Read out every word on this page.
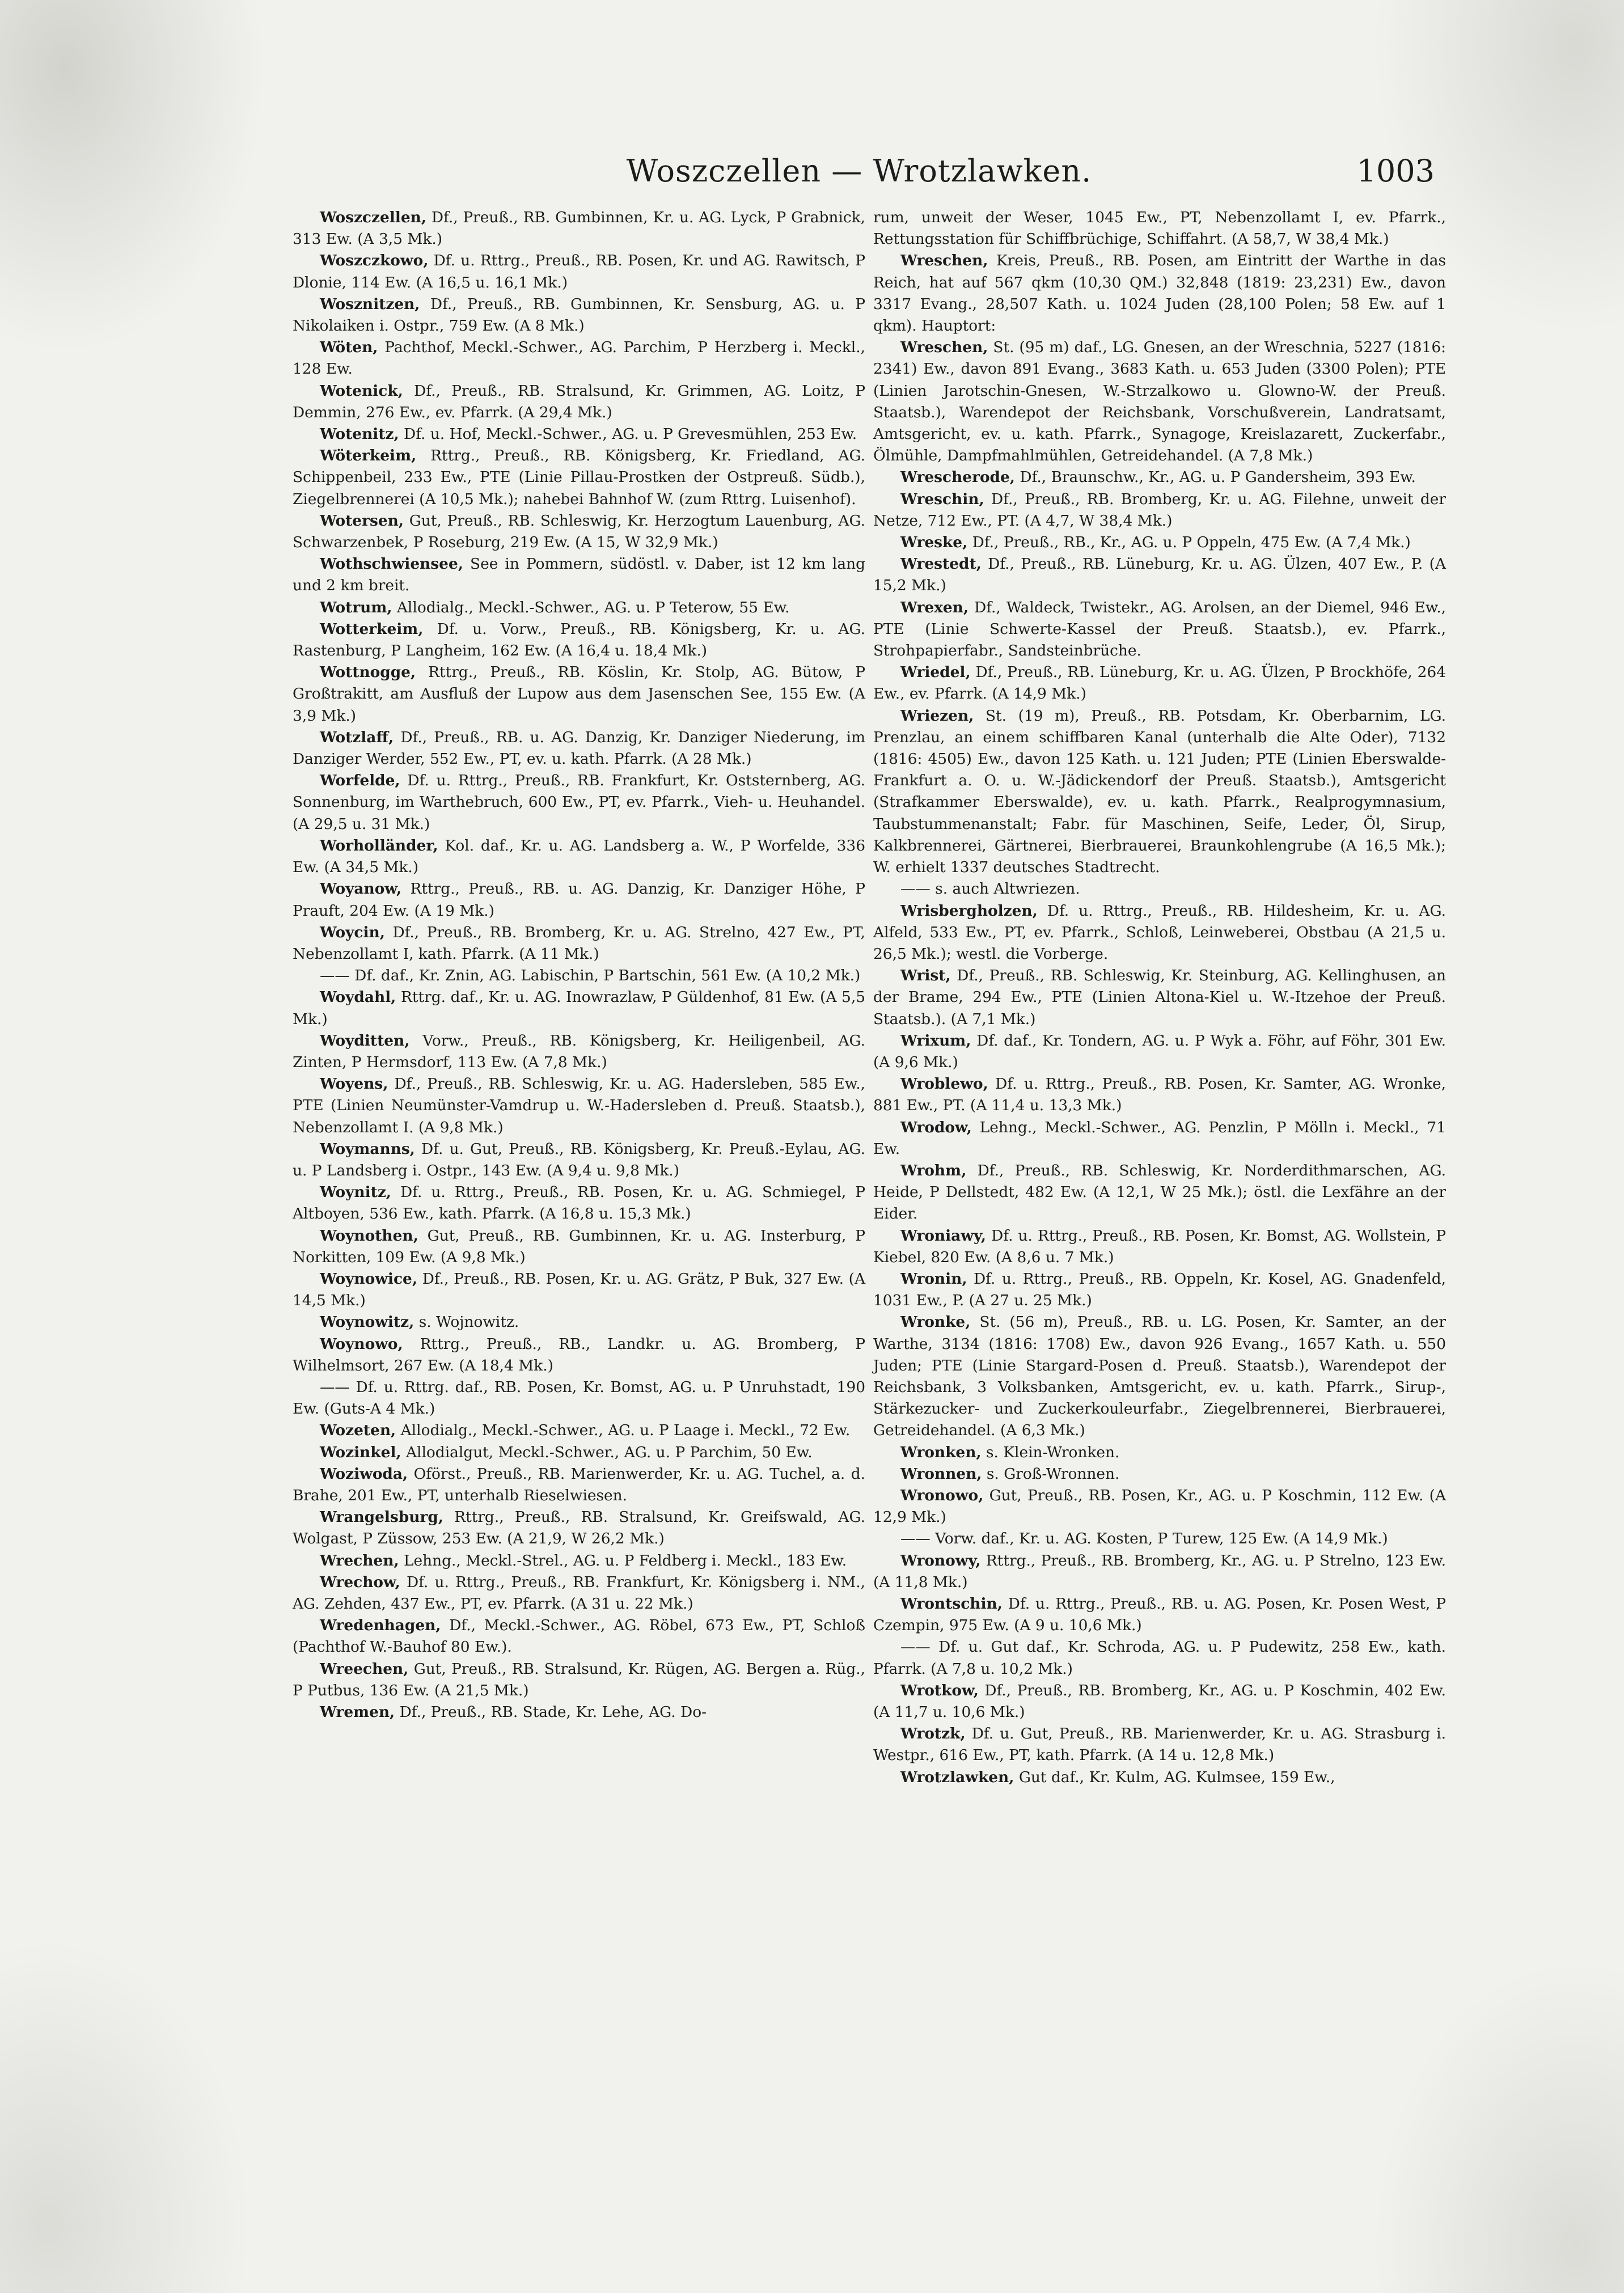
Woszczellen — Wrotzlawken.	1003

Woszczellen, Df., Preuß., RB. Gumbinnen, Kr. u. AG. Lyck, P Grabnick, 313 Ew. (A 3,5 Mk.)

Woszczkowo, Df. u. Rttrg., Preuß., RB. Posen, Kr. und AG. Rawitsch, P Dlonie, 114 Ew. (A 16,5 u. 16,1 Mk.)

Wosznitzen, Df., Preuß., RB. Gumbinnen, Kr. Sensburg, AG. u. P Nikolaiken i. Ostpr., 759 Ew. (A 8 Mk.)

Wöten, Pachthof, Meckl.-Schwer., AG. Parchim, P Herzberg i. Meckl., 128 Ew.

Wotenick, Df., Preuß., RB. Stralsund, Kr. Grimmen, AG. Loitz, P Demmin, 276 Ew., ev. Pfarrk. (A 29,4 Mk.)

Wotenitz, Df. u. Hof, Meckl.-Schwer., AG. u. P Grevesmühlen, 253 Ew.

Wöterkeim, Rttrg., Preuß., RB. Königsberg, Kr. Friedland, AG. Schippenbeil, 233 Ew., PTE (Linie Pillau-Prostken der Ostpreuß. Südb.), Ziegelbrennerei (A 10,5 Mk.); nahebei Bahnhof W. (zum Rttrg. Luisenhof).

Wotersen, Gut, Preuß., RB. Schleswig, Kr. Herzogtum Lauenburg, AG. Schwarzenbek, P Roseburg, 219 Ew. (A 15, W 32,9 Mk.)

Wothschwiensee, See in Pommern, südöstl. v. Daber, ist 12 km lang und 2 km breit.

Wotrum, Allodialg., Meckl.-Schwer., AG. u. P Teterow, 55 Ew.

Wotterkeim, Df. u. Vorw., Preuß., RB. Königsberg, Kr. u. AG. Rastenburg, P Langheim, 162 Ew. (A 16,4 u. 18,4 Mk.)

Wottnogge, Rttrg., Preuß., RB. Köslin, Kr. Stolp, AG. Bütow, P Großtrakitt, am Ausfluß der Lupow aus dem Jasenschen See, 155 Ew. (A 3,9 Mk.)

Wotzlaff, Df., Preuß., RB. u. AG. Danzig, Kr. Danziger Niederung, im Danziger Werder, 552 Ew., PT, ev. u. kath. Pfarrk. (A 28 Mk.)

Worfelde, Df. u. Rttrg., Preuß., RB. Frankfurt, Kr. Oststernberg, AG. Sonnenburg, im Warthebruch, 600 Ew., PT, ev. Pfarrk., Vieh- u. Heuhandel. (A 29,5 u. 31 Mk.)

Worholländer, Kol. daf., Kr. u. AG. Landsberg a. W., P Worfelde, 336 Ew. (A 34,5 Mk.)

Woyanow, Rttrg., Preuß., RB. u. AG. Danzig, Kr. Danziger Höhe, P Prauft, 204 Ew. (A 19 Mk.)

Woycin, Df., Preuß., RB. Bromberg, Kr. u. AG. Strelno, 427 Ew., PT, Nebenzollamt I, kath. Pfarrk. (A 11 Mk.)

—— Df. daf., Kr. Znin, AG. Labischin, P Bartschin, 561 Ew. (A 10,2 Mk.)

Woydahl, Rttrg. daf., Kr. u. AG. Inowrazlaw, P Güldenhof, 81 Ew. (A 5,5 Mk.)

Woyditten, Vorw., Preuß., RB. Königsberg, Kr. Heiligenbeil, AG. Zinten, P Hermsdorf, 113 Ew. (A 7,8 Mk.)

Woyens, Df., Preuß., RB. Schleswig, Kr. u. AG. Hadersleben, 585 Ew., PTE (Linien Neumünster-Vamdrup u. W.-Hadersleben d. Preuß. Staatsb.), Nebenzollamt I. (A 9,8 Mk.)

Woymanns, Df. u. Gut, Preuß., RB. Königsberg, Kr. Preuß.-Eylau, AG. u. P Landsberg i. Ostpr., 143 Ew. (A 9,4 u. 9,8 Mk.)

Woynitz, Df. u. Rttrg., Preuß., RB. Posen, Kr. u. AG. Schmiegel, P Altboyen, 536 Ew., kath. Pfarrk. (A 16,8 u. 15,3 Mk.)

Woynothen, Gut, Preuß., RB. Gumbinnen, Kr. u. AG. Insterburg, P Norkitten, 109 Ew. (A 9,8 Mk.)

Woynowice, Df., Preuß., RB. Posen, Kr. u. AG. Grätz, P Buk, 327 Ew. (A 14,5 Mk.)

Woynowitz, s. Wojnowitz.

Woynowo, Rttrg., Preuß., RB., Landkr. u. AG. Bromberg, P Wilhelmsort, 267 Ew. (A 18,4 Mk.)

—— Df. u. Rttrg. daf., RB. Posen, Kr. Bomst, AG. u. P Unruhstadt, 190 Ew. (Guts-A 4 Mk.)

Wozeten, Allodialg., Meckl.-Schwer., AG. u. P Laage i. Meckl., 72 Ew.

Wozinkel, Allodialgut, Meckl.-Schwer., AG. u. P Parchim, 50 Ew.

Woziwoda, Oförst., Preuß., RB. Marienwerder, Kr. u. AG. Tuchel, a. d. Brahe, 201 Ew., PT, unterhalb Rieselwiesen.

Wrangelsburg, Rttrg., Preuß., RB. Stralsund, Kr. Greifswald, AG. Wolgast, P Züssow, 253 Ew. (A 21,9, W 26,2 Mk.)

Wrechen, Lehng., Meckl.-Strel., AG. u. P Feldberg i. Meckl., 183 Ew.

Wrechow, Df. u. Rttrg., Preuß., RB. Frankfurt, Kr. Königsberg i. NM., AG. Zehden, 437 Ew., PT, ev. Pfarrk. (A 31 u. 22 Mk.)

Wredenhagen, Df., Meckl.-Schwer., AG. Röbel, 673 Ew., PT, Schloß (Pachthof W.-Bauhof 80 Ew.).

Wreechen, Gut, Preuß., RB. Stralsund, Kr. Rügen, AG. Bergen a. Rüg., P Putbus, 136 Ew. (A 21,5 Mk.)

Wremen, Df., Preuß., RB. Stade, Kr. Lehe, AG. Do-

rum, unweit der Weser, 1045 Ew., PT, Nebenzollamt I, ev. Pfarrk., Rettungsstation für Schiffbrüchige, Schiffahrt. (A 58,7, W 38,4 Mk.)

Wreschen, Kreis, Preuß., RB. Posen, am Eintritt der Warthe in das Reich, hat auf 567 qkm (10,30 QM.) 32,848 (1819: 23,231) Ew., davon 3317 Evang., 28,507 Kath. u. 1024 Juden (28,100 Polen; 58 Ew. auf 1 qkm). Hauptort:

Wreschen, St. (95 m) daf., LG. Gnesen, an der Wreschnia, 5227 (1816: 2341) Ew., davon 891 Evang., 3683 Kath. u. 653 Juden (3300 Polen); PTE (Linien Jarotschin-Gnesen, W.-Strzalkowo u. Glowno-W. der Preuß. Staatsb.), Warendepot der Reichsbank, Vorschußverein, Landratsamt, Amtsgericht, ev. u. kath. Pfarrk., Synagoge, Kreislazarett, Zuckerfabr., Ölmühle, Dampfmahlmühlen, Getreidehandel. (A 7,8 Mk.)

Wrescherode, Df., Braunschw., Kr., AG. u. P Gandersheim, 393 Ew.

Wreschin, Df., Preuß., RB. Bromberg, Kr. u. AG. Filehne, unweit der Netze, 712 Ew., PT. (A 4,7, W 38,4 Mk.)

Wreske, Df., Preuß., RB., Kr., AG. u. P Oppeln, 475 Ew. (A 7,4 Mk.)

Wrestedt, Df., Preuß., RB. Lüneburg, Kr. u. AG. Ülzen, 407 Ew., P. (A 15,2 Mk.)

Wrexen, Df., Waldeck, Twistekr., AG. Arolsen, an der Diemel, 946 Ew., PTE (Linie Schwerte-Kassel der Preuß. Staatsb.), ev. Pfarrk., Strohpapierfabr., Sandsteinbrüche.

Wriedel, Df., Preuß., RB. Lüneburg, Kr. u. AG. Ülzen, P Brockhöfe, 264 Ew., ev. Pfarrk. (A 14,9 Mk.)

Wriezen, St. (19 m), Preuß., RB. Potsdam, Kr. Oberbarnim, LG. Prenzlau, an einem schiffbaren Kanal (unterhalb die Alte Oder), 7132 (1816: 4505) Ew., davon 125 Kath. u. 121 Juden; PTE (Linien Eberswalde-Frankfurt a. O. u. W.-Jädickendorf der Preuß. Staatsb.), Amtsgericht (Strafkammer Eberswalde), ev. u. kath. Pfarrk., Realprogymnasium, Taubstummenanstalt; Fabr. für Maschinen, Seife, Leder, Öl, Sirup, Kalkbrennerei, Gärtnerei, Bierbrauerei, Braunkohlengrube (A 16,5 Mk.); W. erhielt 1337 deutsches Stadtrecht.

—— s. auch Altwriezen.

Wrisbergholzen, Df. u. Rttrg., Preuß., RB. Hildesheim, Kr. u. AG. Alfeld, 533 Ew., PT, ev. Pfarrk., Schloß, Leinweberei, Obstbau (A 21,5 u. 26,5 Mk.); westl. die Vorberge.

Wrist, Df., Preuß., RB. Schleswig, Kr. Steinburg, AG. Kellinghusen, an der Brame, 294 Ew., PTE (Linien Altona-Kiel u. W.-Itzehoe der Preuß. Staatsb.). (A 7,1 Mk.)

Wrixum, Df. daf., Kr. Tondern, AG. u. P Wyk a. Föhr, auf Föhr, 301 Ew. (A 9,6 Mk.)

Wroblewo, Df. u. Rttrg., Preuß., RB. Posen, Kr. Samter, AG. Wronke, 881 Ew., PT. (A 11,4 u. 13,3 Mk.)

Wrodow, Lehng., Meckl.-Schwer., AG. Penzlin, P Mölln i. Meckl., 71 Ew.

Wrohm, Df., Preuß., RB. Schleswig, Kr. Norderdithmarschen, AG. Heide, P Dellstedt, 482 Ew. (A 12,1, W 25 Mk.); östl. die Lexfähre an der Eider.

Wroniawy, Df. u. Rttrg., Preuß., RB. Posen, Kr. Bomst, AG. Wollstein, P Kiebel, 820 Ew. (A 8,6 u. 7 Mk.)

Wronin, Df. u. Rttrg., Preuß., RB. Oppeln, Kr. Kosel, AG. Gnadenfeld, 1031 Ew., P. (A 27 u. 25 Mk.)

Wronke, St. (56 m), Preuß., RB. u. LG. Posen, Kr. Samter, an der Warthe, 3134 (1816: 1708) Ew., davon 926 Evang., 1657 Kath. u. 550 Juden; PTE (Linie Stargard-Posen d. Preuß. Staatsb.), Warendepot der Reichsbank, 3 Volksbanken, Amtsgericht, ev. u. kath. Pfarrk., Sirup-, Stärkezucker- und Zuckerkouleurfabr., Ziegelbrennerei, Bierbrauerei, Getreidehandel. (A 6,3 Mk.)

Wronken, s. Klein-Wronken.

Wronnen, s. Groß-Wronnen.

Wronowo, Gut, Preuß., RB. Posen, Kr., AG. u. P Koschmin, 112 Ew. (A 12,9 Mk.)

—— Vorw. daf., Kr. u. AG. Kosten, P Turew, 125 Ew. (A 14,9 Mk.)

Wronowy, Rttrg., Preuß., RB. Bromberg, Kr., AG. u. P Strelno, 123 Ew. (A 11,8 Mk.)

Wrontschin, Df. u. Rttrg., Preuß., RB. u. AG. Posen, Kr. Posen West, P Czempin, 975 Ew. (A 9 u. 10,6 Mk.)

—— Df. u. Gut daf., Kr. Schroda, AG. u. P Pudewitz, 258 Ew., kath. Pfarrk. (A 7,8 u. 10,2 Mk.)

Wrotkow, Df., Preuß., RB. Bromberg, Kr., AG. u. P Koschmin, 402 Ew. (A 11,7 u. 10,6 Mk.)

Wrotzk, Df. u. Gut, Preuß., RB. Marienwerder, Kr. u. AG. Strasburg i. Westpr., 616 Ew., PT, kath. Pfarrk. (A 14 u. 12,8 Mk.)

Wrotzlawken, Gut daf., Kr. Kulm, AG. Kulmsee, 159 Ew.,
